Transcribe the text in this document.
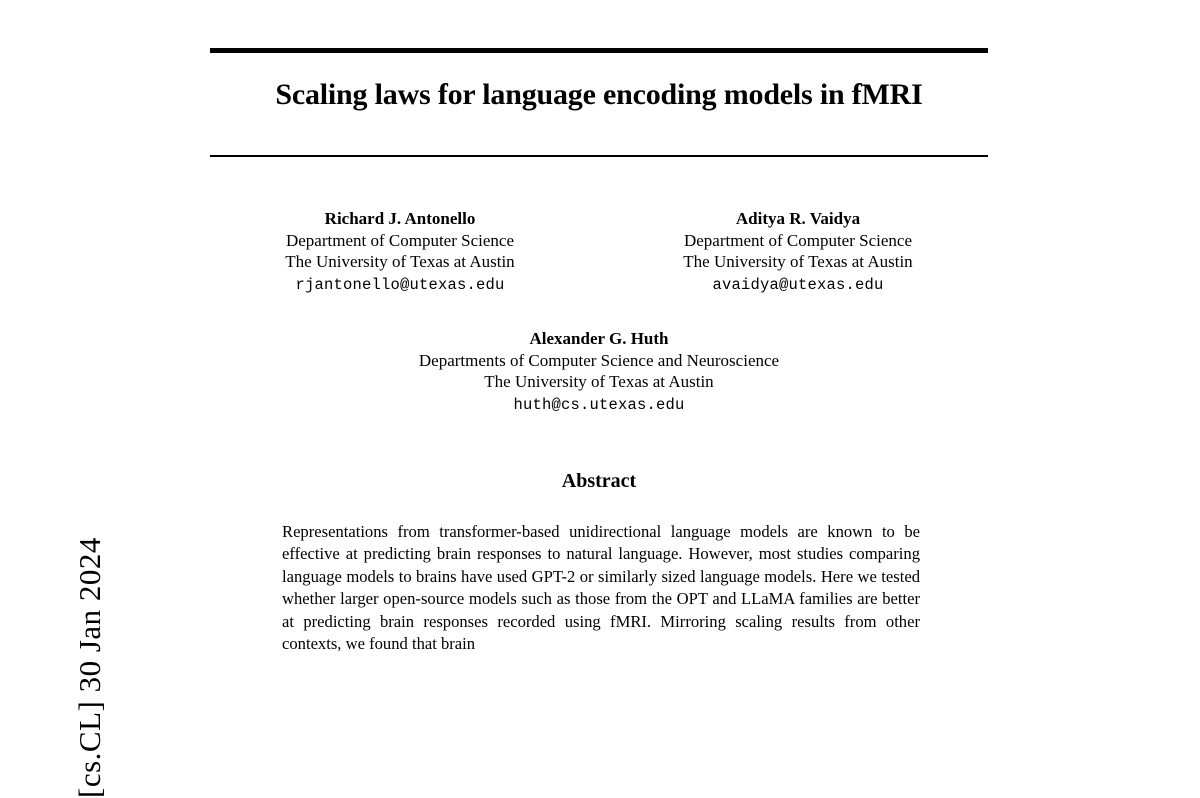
[cs.CL] 30 Jan 2024
Scaling laws for language encoding models in fMRI
Richard J. Antonello
Department of Computer Science
The University of Texas at Austin
rjantonello@utexas.edu
Aditya R. Vaidya
Department of Computer Science
The University of Texas at Austin
avaidya@utexas.edu
Alexander G. Huth
Departments of Computer Science and Neuroscience
The University of Texas at Austin
huth@cs.utexas.edu
Abstract

Representations from transformer-based unidirectional language models are known to be effective at predicting brain responses to natural language. However, most studies comparing language models to brains have used GPT-2 or similarly sized language models. Here we tested whether larger open-source models such as those from the OPT and LLaMA families are better at predicting brain responses recorded using fMRI. Mirroring scaling results from other contexts, we found that brain
